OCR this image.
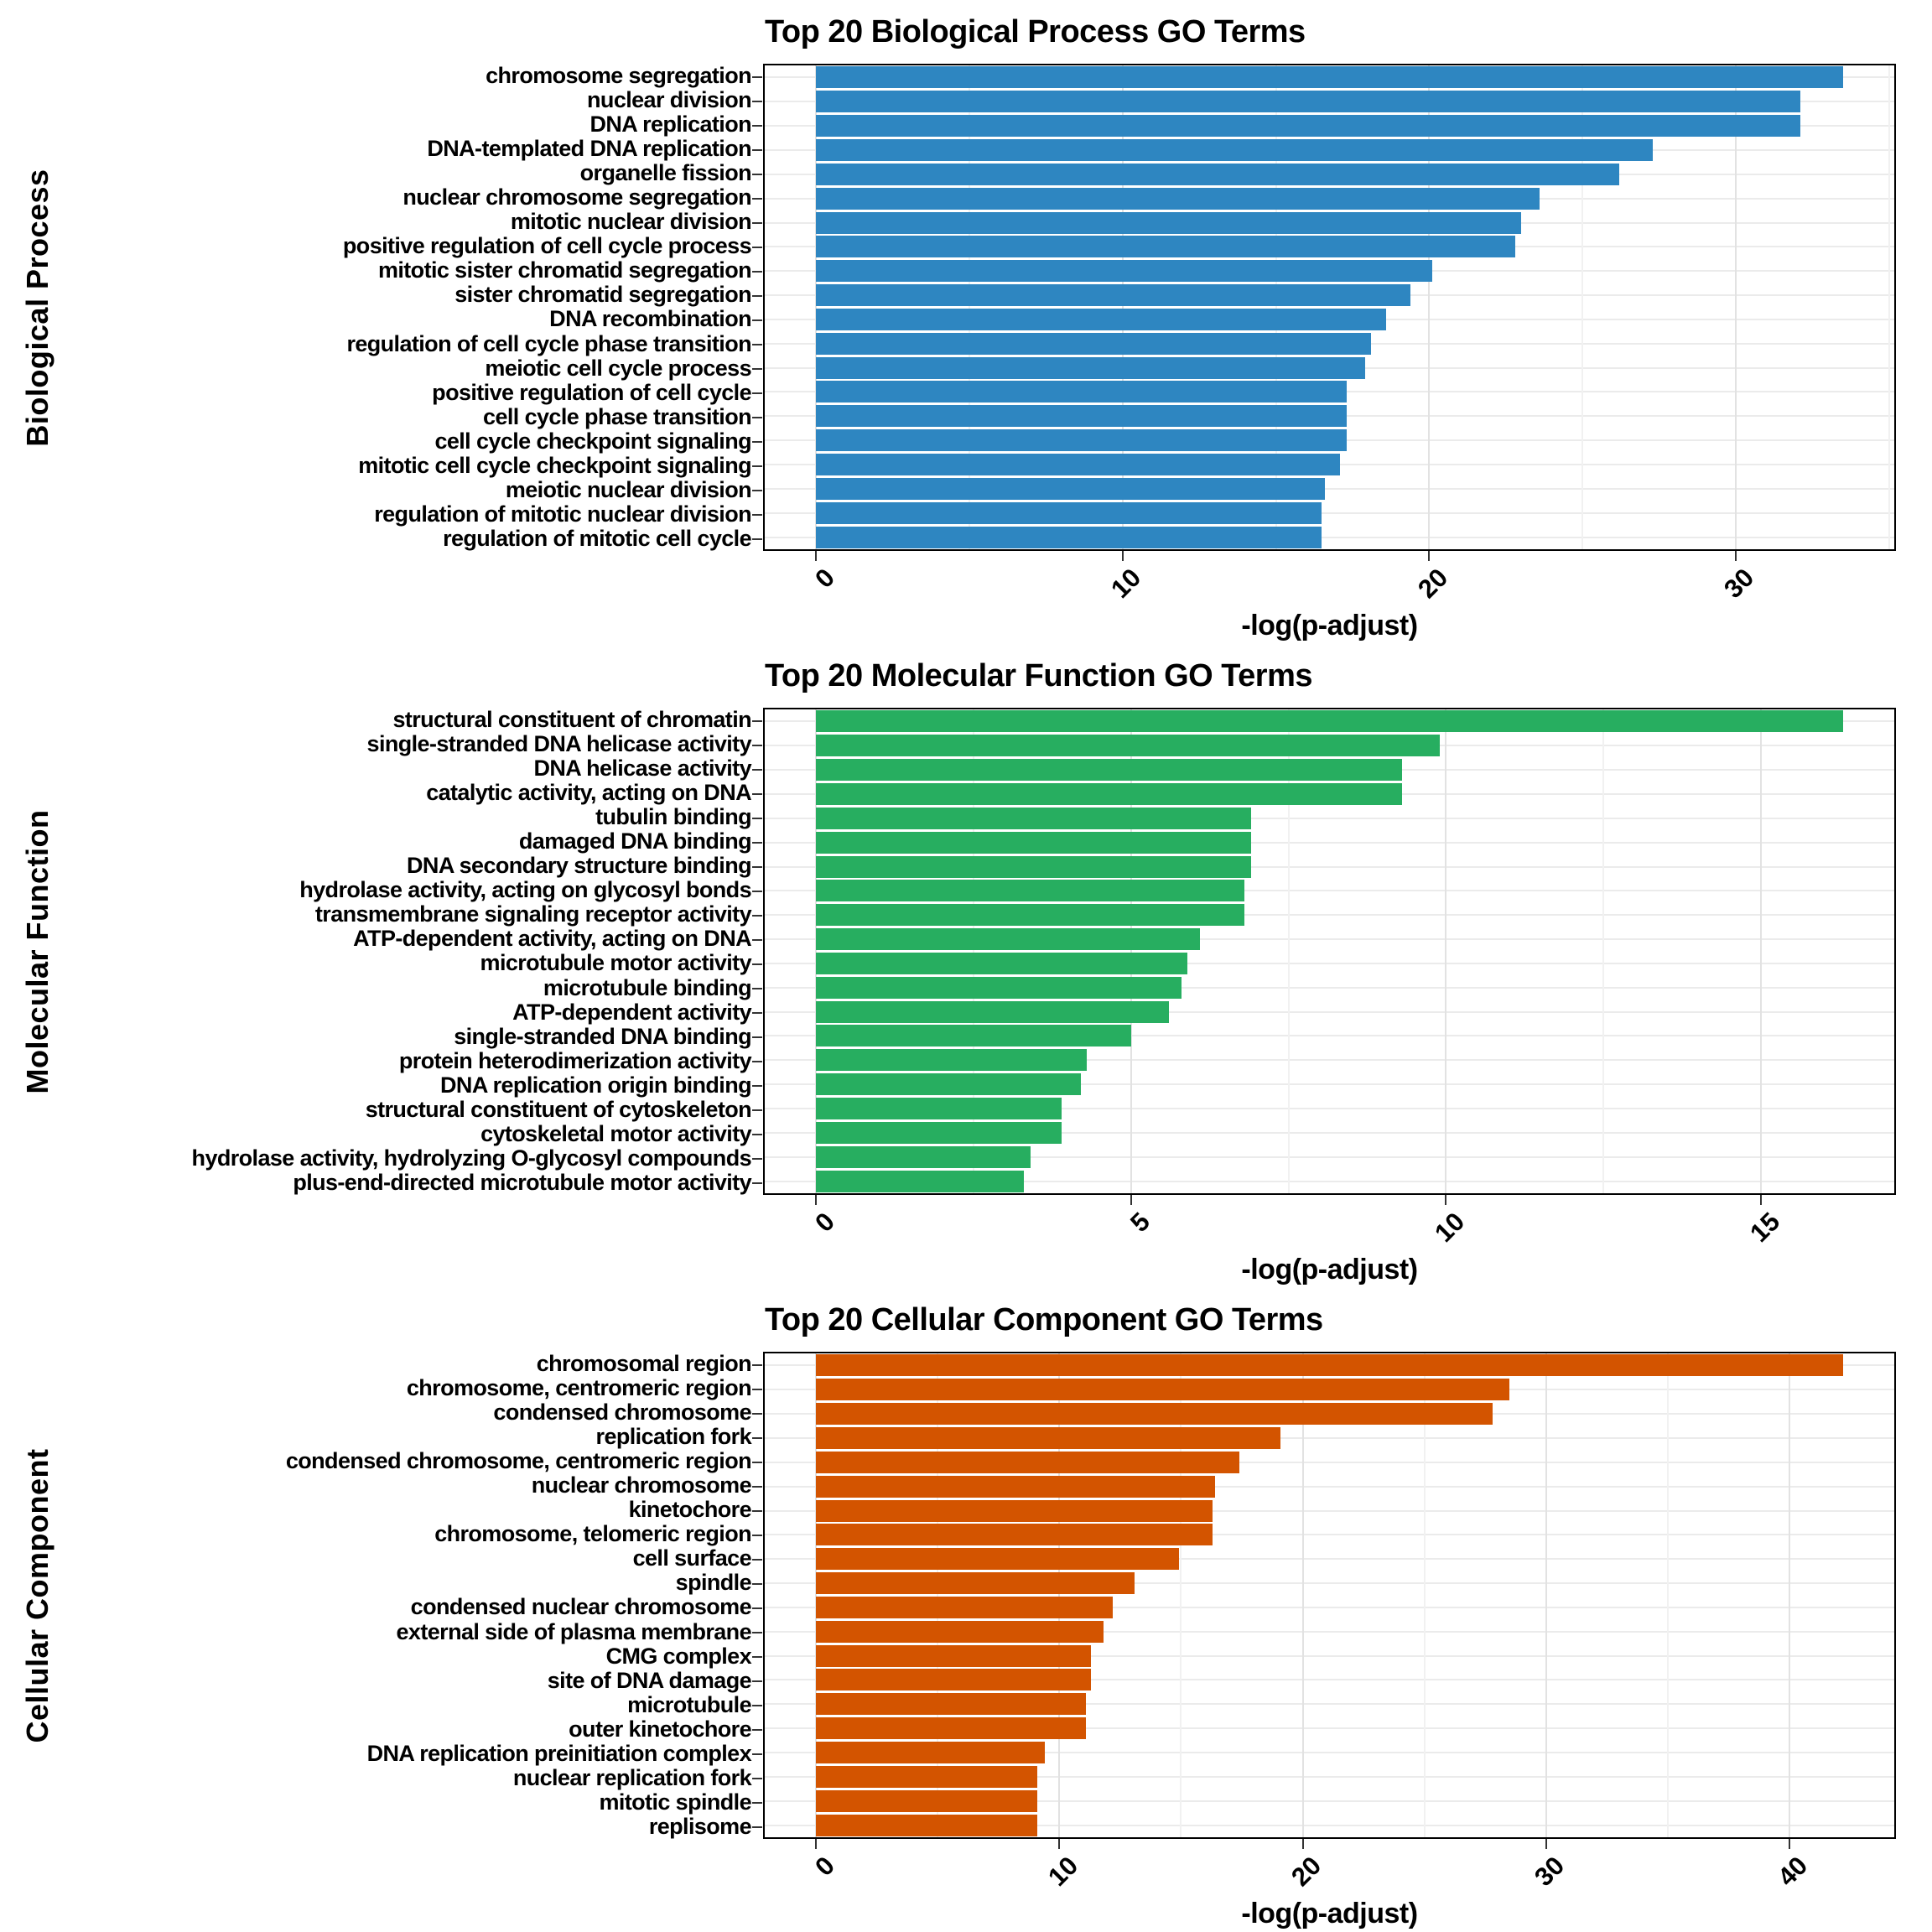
Top 20 Biological Process GO Terms
Biological Process
chromosome segregation
nuclear division
DNA replication
DNA-templated DNA replication
organelle fission
nuclear chromosome segregation
mitotic nuclear division
positive regulation of cell cycle process
mitotic sister chromatid segregation
sister chromatid segregation
DNA recombination
regulation of cell cycle phase transition
meiotic cell cycle process
positive regulation of cell cycle
cell cycle phase transition
cell cycle checkpoint signaling
mitotic cell cycle checkpoint signaling
meiotic nuclear division
regulation of mitotic nuclear division
regulation of mitotic cell cycle
0	10	20	30
-log(p-adjust)
Top 20 Molecular Function GO Terms
Molecular Function
structural constituent of chromatin
single-stranded DNA helicase activity
DNA helicase activity
catalytic activity, acting on DNA
tubulin binding
damaged DNA binding
DNA secondary structure binding
hydrolase activity, acting on glycosyl bonds
transmembrane signaling receptor activity
ATP-dependent activity, acting on DNA
microtubule motor activity
microtubule binding
ATP-dependent activity
single-stranded DNA binding
protein heterodimerization activity
DNA replication origin binding
structural constituent of cytoskeleton
cytoskeletal motor activity
hydrolase activity, hydrolyzing O-glycosyl compounds
plus-end-directed microtubule motor activity
0	5	10	15
-log(p-adjust)
Top 20 Cellular Component GO Terms
Cellular Component
chromosomal region
chromosome, centromeric region
condensed chromosome
replication fork
condensed chromosome, centromeric region
nuclear chromosome
kinetochore
chromosome, telomeric region
cell surface
spindle
condensed nuclear chromosome
external side of plasma membrane
CMG complex
site of DNA damage
microtubule
outer kinetochore
DNA replication preinitiation complex
nuclear replication fork
mitotic spindle
replisome
0	10	20	30	40
-log(p-adjust)
